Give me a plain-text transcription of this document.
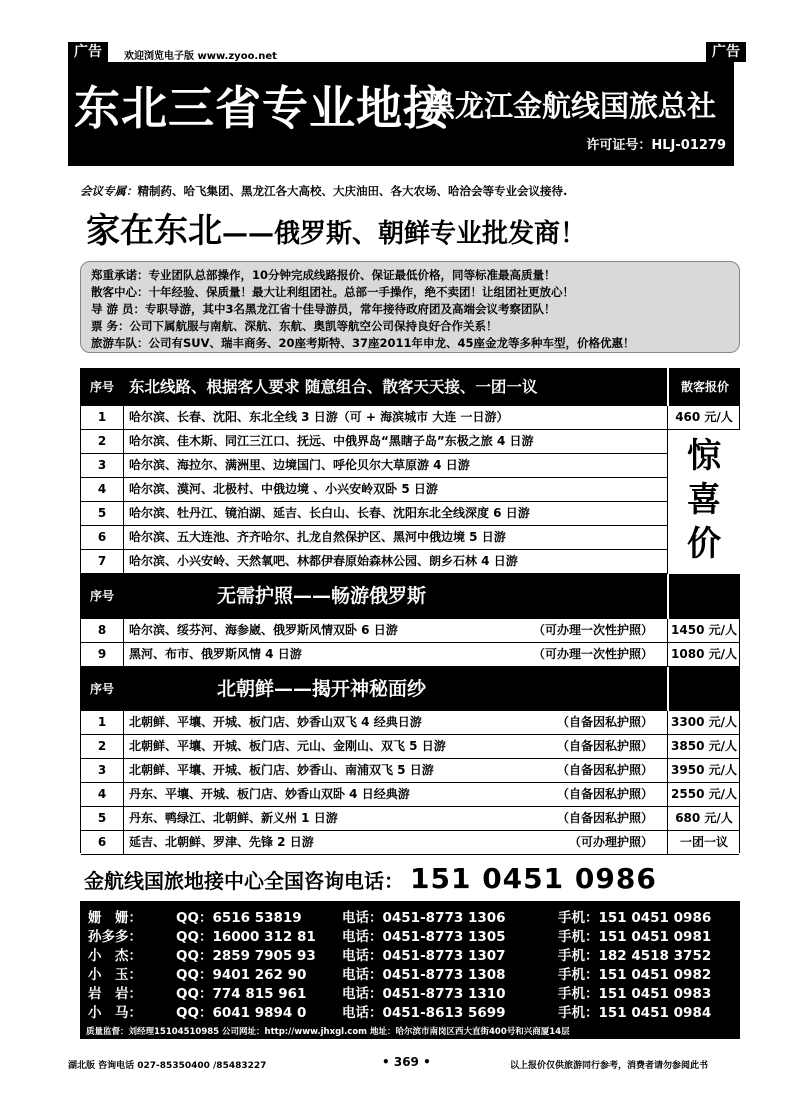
广告	欢迎浏览电子版 www.zyoo.net	广告
东北三省专业地接
黑龙江金航线国旅总社
许可证号：HLJ-01279
会议专属：精制药、哈飞集团、黑龙江各大高校、大庆油田、各大农场、哈洽会等专业会议接待.
家在东北——俄罗斯、朝鲜专业批发商！
郑重承诺：专业团队总部操作，10分钟完成线路报价、保证最低价格，同等标准最高质量！
散客中心：十年经验、保质量！最大让利组团社。总部一手操作，绝不卖团！让组团社更放心！
导 游 员：专职导游，其中3名黑龙江省十佳导游员，常年接待政府团及高端会议考察团队！
票 务：公司下属航服与南航、深航、东航、奥凯等航空公司保持良好合作关系！
旅游车队：公司有SUV、瑞丰商务、20座考斯特、37座2011年申龙、45座金龙等多种车型，价格优惠！
序号 东北线路、根据客人要求 随意组合、散客天天接、一团一议	散客报价
1	哈尔滨、长春、沈阳、东北全线 3 日游（可 + 海滨城市 大连 一日游）	460 元/人
2	哈尔滨、佳木斯、同江三江口、抚远、中俄界岛“黑瞎子岛”东极之旅 4 日游
3	哈尔滨、海拉尔、满洲里、边境国门、呼伦贝尔大草原游 4 日游
4	哈尔滨、漠河、北极村、中俄边境 、小兴安岭双卧 5 日游
5	哈尔滨、牡丹江、镜泊湖、延吉、长白山、长春、沈阳东北全线深度 6 日游
6	哈尔滨、五大连池、齐齐哈尔、扎龙自然保护区、黑河中俄边境 5 日游
7	哈尔滨、小兴安岭、天然氧吧、林都伊春原始森林公园、朗乡石林 4 日游
惊
喜
价
序号	无需护照——畅游俄罗斯
8	哈尔滨、绥芬河、海参崴、俄罗斯风情双卧 6 日游	（可办理一次性护照）	1450 元/人
9	黑河、布市、俄罗斯风情 4 日游	（可办理一次性护照）	1080 元/人
序号	北朝鲜——揭开神秘面纱
1	北朝鲜、平壤、开城、板门店、妙香山双飞 4 经典日游	（自备因私护照）	3300 元/人
2	北朝鲜、平壤、开城、板门店、元山、金刚山、双飞 5 日游	（自备因私护照）	3850 元/人
3	北朝鲜、平壤、开城、板门店、妙香山、南浦双飞 5 日游	（自备因私护照）	3950 元/人
4	丹东、平壤、开城、板门店、妙香山双卧 4 日经典游	（自备因私护照）	2550 元/人
5	丹东、鸭绿江、北朝鲜、新义州 1 日游	（自备因私护照）	680 元/人
6	延吉、北朝鲜、罗津、先锋 2 日游	（可办理护照）	一团一议
金航线国旅地接中心全国咨询电话： 151 0451 0986
姗　姗：	QQ：6516 53819	电话：0451-8773 1306	手机：151 0451 0986
孙多多：	QQ：16000 312 81 电话：0451-8773 1305	手机：151 0451 0981
小　杰：	QQ：2859 7905 93 电话：0451-8773 1307	手机：182 4518 3752
小　玉：	QQ：9401 262 90	电话：0451-8773 1308	手机：151 0451 0982
岩　岩：	QQ：774 815 961	电话：0451-8773 1310	手机：151 0451 0983
小　马：	QQ：6041 9894 0	电话：0451-8613 5699	手机：151 0451 0984
质量监督：刘经理15104510985 公司网址：http://www.jhxgl.com 地址：哈尔滨市南岗区西大直街400号和兴商厦14层
湖北版 咨询电话 027-85350400 /85483227	• 369 •	以上报价仅供旅游同行参考，消费者请勿参阅此书
